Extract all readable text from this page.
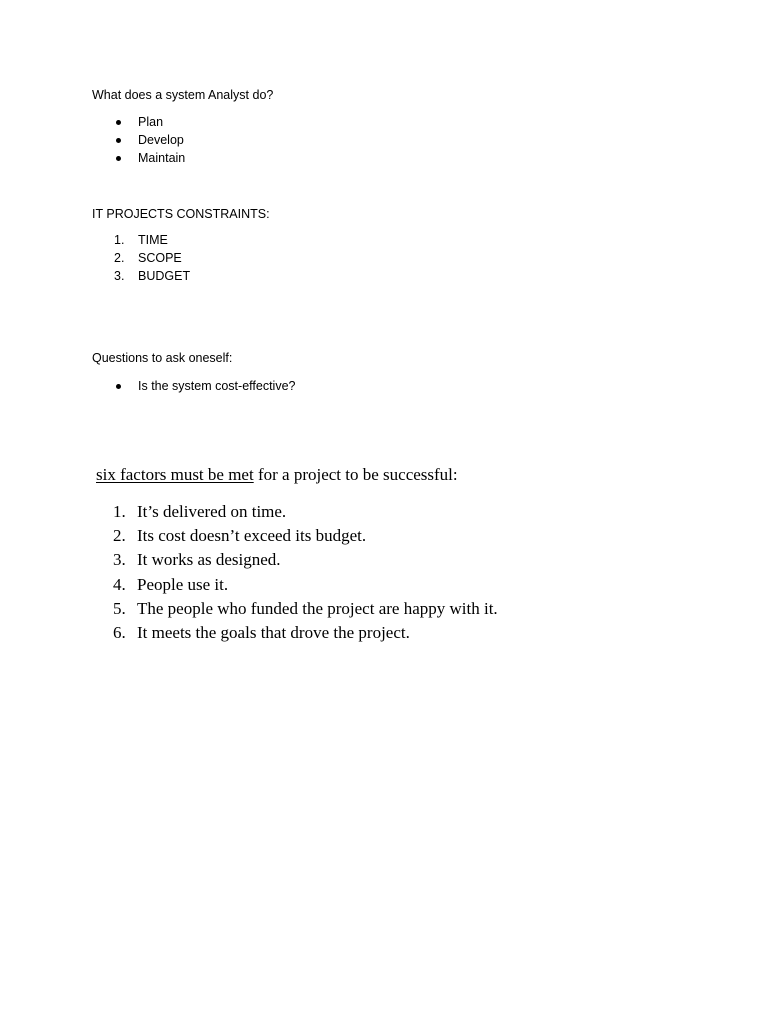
What does a system Analyst do?
Plan
Develop
Maintain
IT PROJECTS CONSTRAINTS:
1. TIME
2. SCOPE
3. BUDGET
Questions to ask oneself:
Is the system cost-effective?
six factors must be met for a project to be successful:
1. It’s delivered on time.
2. Its cost doesn’t exceed its budget.
3. It works as designed.
4. People use it.
5. The people who funded the project are happy with it.
6. It meets the goals that drove the project.
